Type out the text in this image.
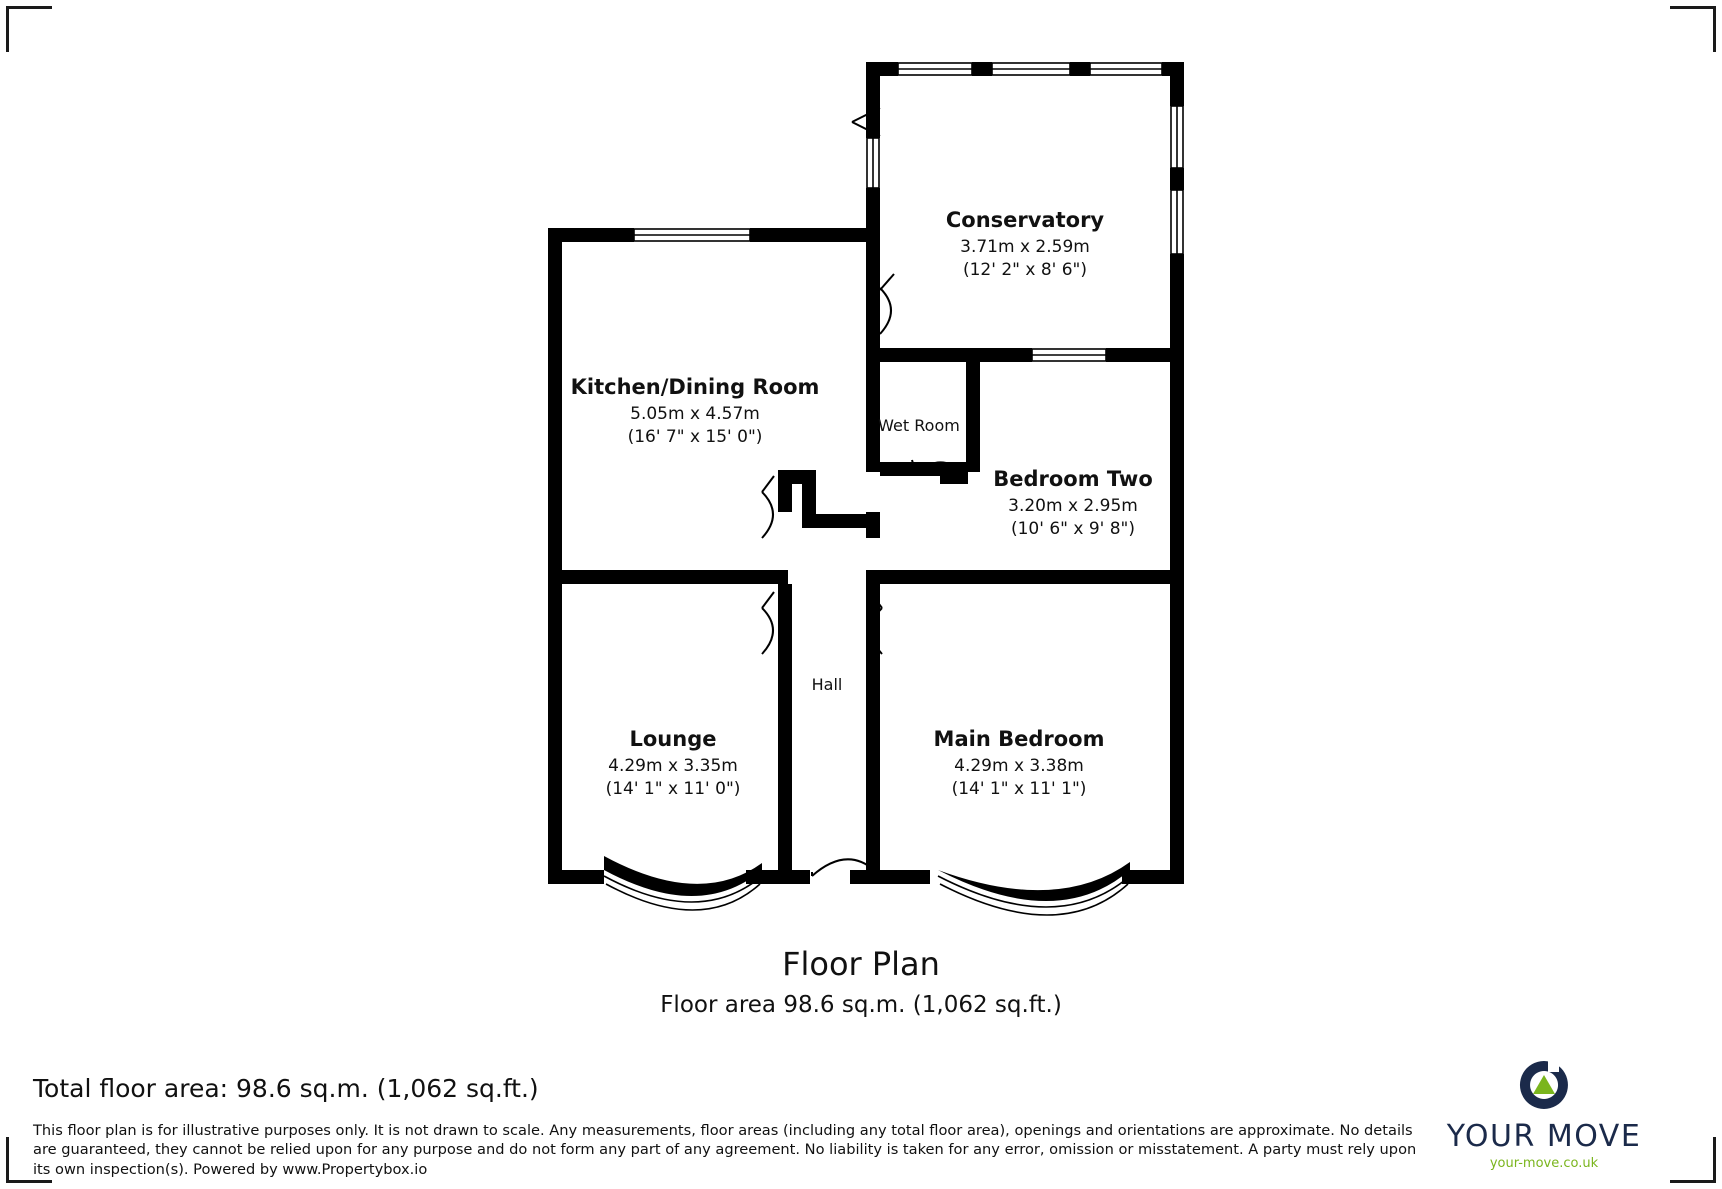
Conservatory
3.71m x 2.59m
(12' 2" x 8' 6")
Kitchen/Dining Room
5.05m x 4.57m
(16' 7" x 15' 0")
Bedroom Two
3.20m x 2.95m
(10' 6" x 9' 8")
Lounge
4.29m x 3.35m
(14' 1" x 11' 0")
Main Bedroom
4.29m x 3.38m
(14' 1" x 11' 1")
Wet Room
Hall
Floor Plan
Floor area 98.6 sq.m. (1,062 sq.ft.)
Total floor area: 98.6 sq.m. (1,062 sq.ft.)
This floor plan is for illustrative purposes only. It is not drawn to scale. Any measurements, floor areas (including any total floor area), openings and orientations are approximate. No details are guaranteed, they cannot be relied upon for any purpose and do not form any part of any agreement. No liability is taken for any error, omission or misstatement. A party must rely upon its own inspection(s). Powered by www.Propertybox.io
YOUR MOVE
your-move.co.uk
